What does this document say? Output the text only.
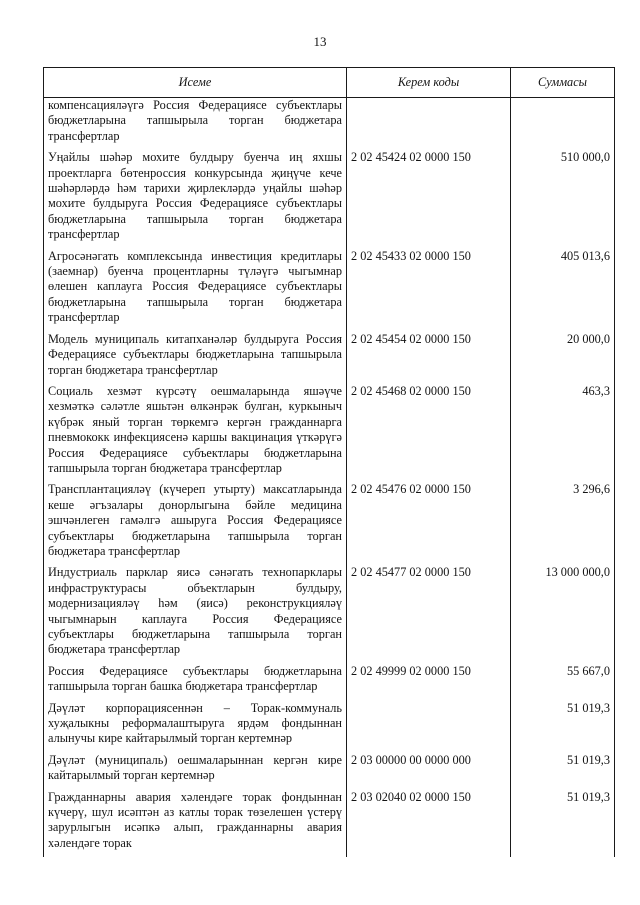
13
Исеме	Керем коды	Суммасы
компенсацияләүгә Россия Федерациясе субъектлары бюджетларына тапшырыла торган бюджетара трансфертлар		
Уңайлы шәһәр мохите булдыру буенча иң яхшы проектларга бөтенроссия конкурсында җиңүче кече шәһәрләрдә һәм тарихи җирлекләрдә уңайлы шәһәр мохите булдыруга Россия Федерациясе субъектлары бюджетларына тапшырыла торган бюджетара трансфертлар	2 02 45424 02 0000 150	510 000,0
Агросәнәгать комплексында инвестиция кредитлары (заемнар) буенча процентларны түләүгә чыгымнар өлешен каплауга Россия Федерациясе субъектлары бюджетларына тапшырыла торган бюджетара трансфертлар	2 02 45433 02 0000 150	405 013,6
Модель муниципаль китапханәләр булдыруга Россия Федерациясе субъектлары бюджетларына тапшырыла торган бюджетара трансфертлар	2 02 45454 02 0000 150	20 000,0
Социаль хезмәт күрсәтү оешмаларында яшәүче хезмәткә сәләтле яшьтән өлкәнрәк булган, куркыныч күбрәк яный торган төркемгә кергән гражданнарга пневмококк инфекциясенә каршы вакцинация үткәрүгә Россия Федерациясе субъектлары бюджетларына тапшырыла торган бюджетара трансфертлар	2 02 45468 02 0000 150	463,3
Трансплантацияләү (күчереп утырту) максатларында кеше әгъзалары донорлыгына бәйле медицина эшчәнлеген гамәлгә ашыруга Россия Федерациясе субъектлары бюджетларына тапшырыла торган бюджетара трансфертлар	2 02 45476 02 0000 150	3 296,6
Индустриаль парклар яисә сәнәгать технопарклары инфраструктурасы объектларын булдыру, модернизацияләү һәм (яисә) реконструкцияләү чыгымнарын каплауга Россия Федерациясе субъектлары бюджетларына тапшырыла торган бюджетара трансфертлар	2 02 45477 02 0000 150	13 000 000,0
Россия Федерациясе субъектлары бюджетларына тапшырыла торган башка бюджетара трансфертлар	2 02 49999 02 0000 150	55 667,0
Дәүләт корпорациясеннән – Торак-коммуналь хуҗалыкны реформалаштыруга ярдәм фондыннан алынучы кире кайтарылмый торган кертемнәр		51 019,3
Дәүләт (муниципаль) оешмаларыннан кергән кире кайтарылмый торган кертемнәр	2 03 00000 00 0000 000	51 019,3
Гражданнарны авария хәлендәге торак фондыннан күчерү, шул исәптән аз катлы торак төзелешен үстерү зарурлыгын исәпкә алып, гражданнарны авария хәлендәге торак	2 03 02040 02 0000 150	51 019,3
